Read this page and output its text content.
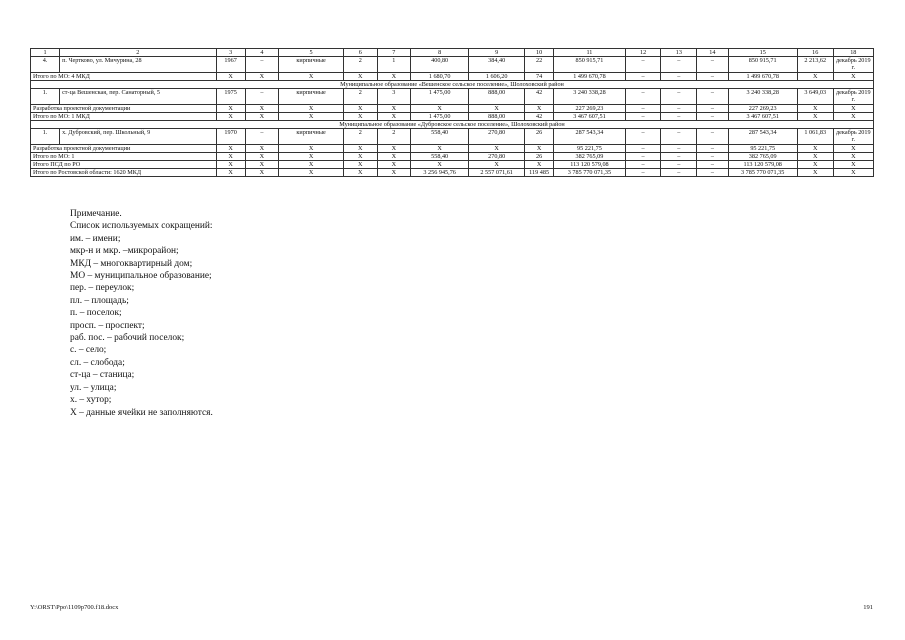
1	2	3	4	5	6	7	8	9	10	11	12	13	14	15	16	18
4.	п. Чертково, ул. Мичурина, 28	1967	–	кирпичные	2	1	400,80	384,40	22	850 915,71	–	–	–	850 915,71	2 213,62	декабрь 2019 г.
Итого по МО: 4 МКД		X	X	X	X	X	1 680,70	1 606,20	74	1 499 670,78	–	–	–	1 499 670,78	X	X
Муниципальное образование «Вешенское сельское поселение», Шолоховский район																
1.	ст-ца Вешенская, пер. Санаторный, 5	1975	–	кирпичные	2	3	1 475,00	888,00	42	3 240 338,28	–	–	–	3 240 338,28	3 649,03	декабрь 2019 г.
Разработка проектной документации		X	X	X	X	X	X	X	X	227 269,23	–	–	–	227 269,23	X	X
Итого по МО: 1 МКД		X	X	X	X	X	1 475,00	888,00	42	3 467 607,51	–	–	–	3 467 607,51	X	X
Муниципальное образование «Дубровское сельское поселение», Шолоховский район																
1.	х. Дубровский, пер. Школьный, 9	1970	–	кирпичные	2	2	558,40	270,80	26	287 543,34	–	–	–	287 543,34	1 061,83	декабрь 2019 г.
Разработка проектной документации		X	X	X	X	X	X	X	X	95 221,75	–	–	–	95 221,75	X	X
Итого по МО: 1		X	X	X	X	X	558,40	270,80	26	382 765,09	–	–	–	382 765,09	X	X
Итого ПСД по РО		X	X	X	X	X	X	X	X	113 120 579,08	–	–	–	113 120 579,08	X	X
Итого по Ростовской области: 1620 МКД		X	X	X	X	X	3 256 945,76	2 557 071,61	119 485	3 785 770 071,35	–	–	–	3 785 770 071,35	X	X
Примечание.
Список используемых сокращений:
им. – имени;
мкр-н и мкр. –микрорайон;
МКД – многоквартирный дом;
МО – муниципальное образование;
пер. – переулок;
пл. – площадь;
п. – поселок;
просп. – проспект;
раб. пос. – рабочий поселок;
с. – село;
сл. – слобода;
ст-ца – станица;
ул. – улица;
х. – хутор;
X – данные ячейки не заполняются.
Y:\ORST\Ppo\1109p700.f18.docx	191
